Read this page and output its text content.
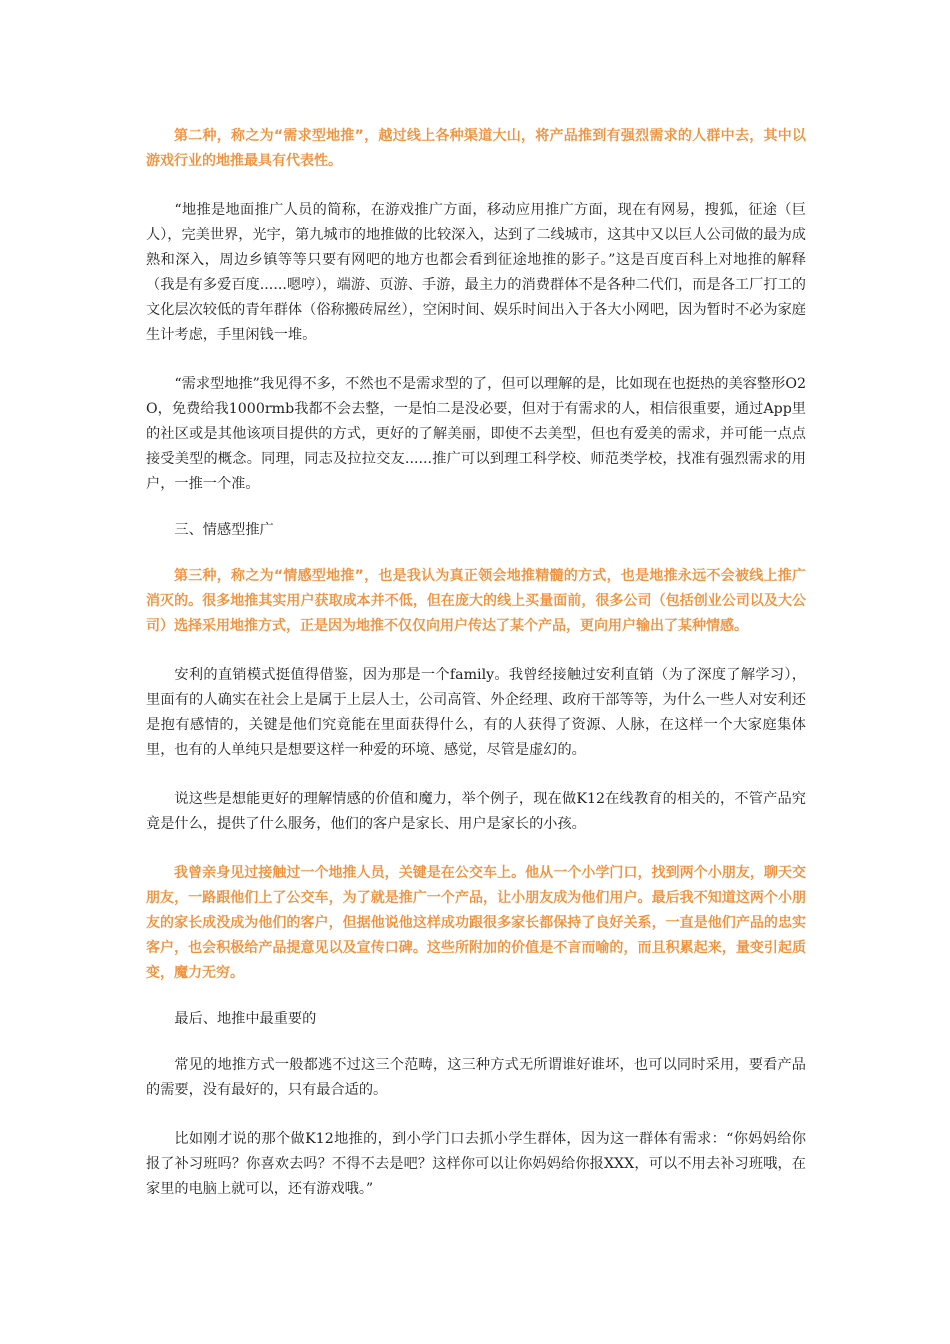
第二种，称之为“需求型地推”，越过线上各种渠道大山，将产品推到有强烈需求的人群中去，其中以游戏行业的地推最具有代表性。

“地推是地面推广人员的简称，在游戏推广方面，移动应用推广方面，现在有网易，搜狐，征途（巨人），完美世界，光宇，第九城市的地推做的比较深入，达到了二线城市，这其中又以巨人公司做的最为成熟和深入，周边乡镇等等只要有网吧的地方也都会看到征途地推的影子。”这是百度百科上对地推的解释（我是有多爱百度......嗯哼），端游、页游、手游，最主力的消费群体不是各种二代们，而是各工厂打工的文化层次较低的青年群体（俗称搬砖屌丝），空闲时间、娱乐时间出入于各大小网吧，因为暂时不必为家庭生计考虑，手里闲钱一堆。

“需求型地推”我见得不多，不然也不是需求型的了，但可以理解的是，比如现在也挺热的美容整形O2O，免费给我1000rmb我都不会去整，一是怕二是没必要，但对于有需求的人，相信很重要，通过App里的社区或是其他该项目提供的方式，更好的了解美丽，即使不去美型，但也有爱美的需求，并可能一点点接受美型的概念。同理，同志及拉拉交友......推广可以到理工科学校、师范类学校，找准有强烈需求的用户，一推一个准。

三、情感型推广

第三种，称之为“情感型地推”，也是我认为真正领会地推精髓的方式，也是地推永远不会被线上推广消灭的。很多地推其实用户获取成本并不低，但在庞大的线上买量面前，很多公司（包括创业公司以及大公司）选择采用地推方式，正是因为地推不仅仅向用户传达了某个产品，更向用户输出了某种情感。

安利的直销模式挺值得借鉴，因为那是一个family。我曾经接触过安利直销（为了深度了解学习），里面有的人确实在社会上是属于上层人士，公司高管、外企经理、政府干部等等，为什么一些人对安利还是抱有感情的，关键是他们究竟能在里面获得什么，有的人获得了资源、人脉，在这样一个大家庭集体里，也有的人单纯只是想要这样一种爱的环境、感觉，尽管是虚幻的。

说这些是想能更好的理解情感的价值和魔力，举个例子，现在做K12在线教育的相关的，不管产品究竟是什么，提供了什么服务，他们的客户是家长、用户是家长的小孩。

我曾亲身见过接触过一个地推人员，关键是在公交车上。他从一个小学门口，找到两个小朋友，聊天交朋友，一路跟他们上了公交车，为了就是推广一个产品，让小朋友成为他们用户。最后我不知道这两个小朋友的家长成没成为他们的客户，但据他说他这样成功跟很多家长都保持了良好关系，一直是他们产品的忠实客户，也会积极给产品提意见以及宣传口碑。这些所附加的价值是不言而喻的，而且积累起来，量变引起质变，魔力无穷。

最后、地推中最重要的

常见的地推方式一般都逃不过这三个范畴，这三种方式无所谓谁好谁坏，也可以同时采用，要看产品的需要，没有最好的，只有最合适的。

比如刚才说的那个做K12地推的，到小学门口去抓小学生群体，因为这一群体有需求：“你妈妈给你报了补习班吗？你喜欢去吗？不得不去是吧？这样你可以让你妈妈给你报XXX，可以不用去补习班哦，在家里的电脑上就可以，还有游戏哦。”
